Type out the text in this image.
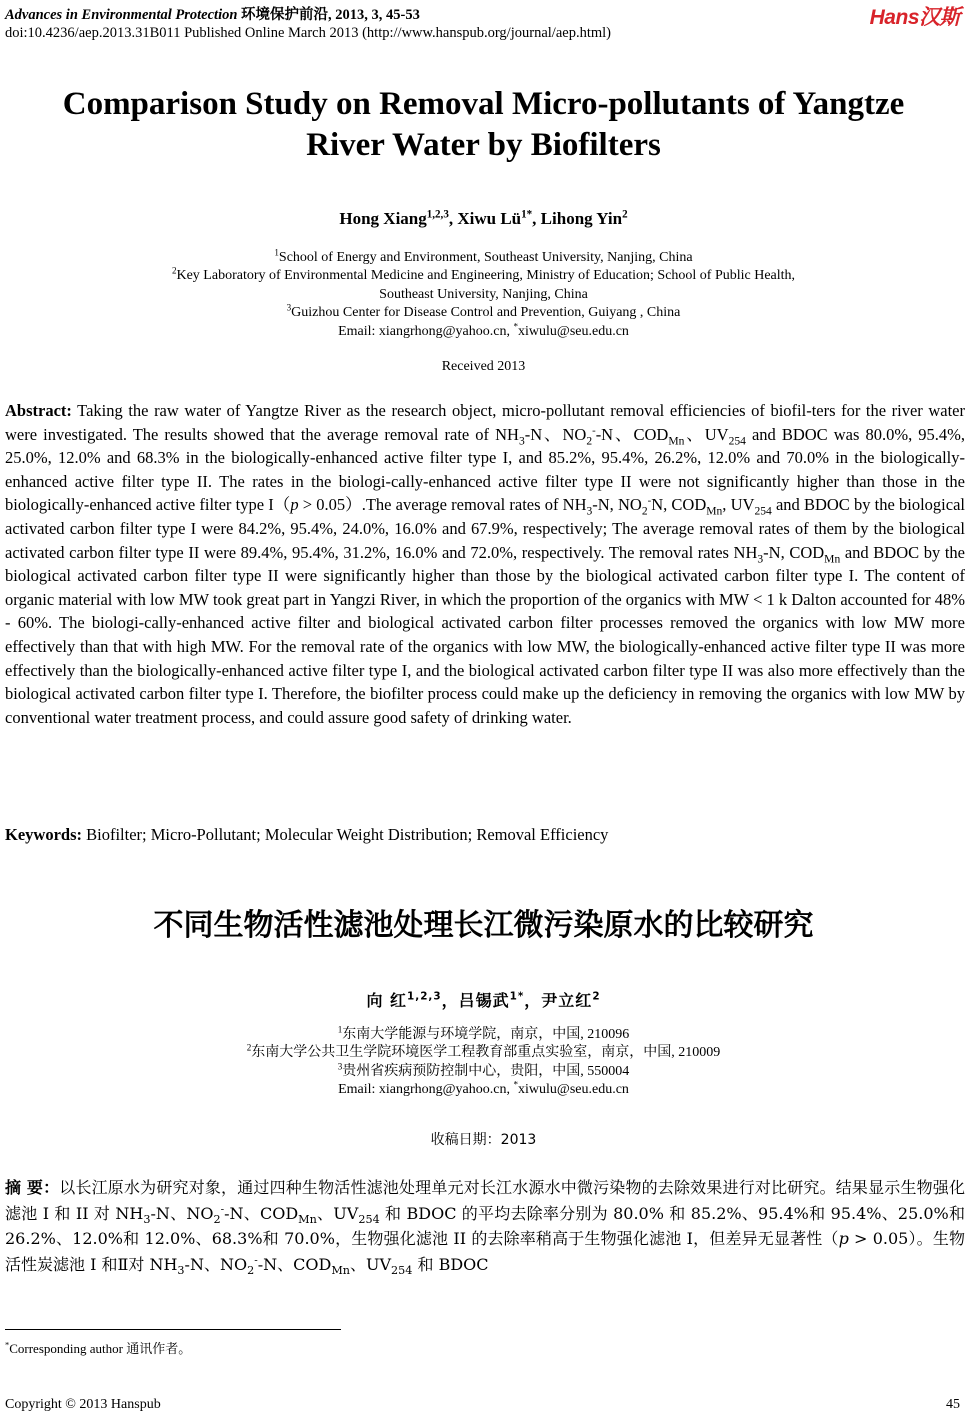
Advances in Environmental Protection 环境保护前沿, 2013, 3, 45-53
doi:10.4236/aep.2013.31B011 Published Online March 2013 (http://www.hanspub.org/journal/aep.html)
Hans汉斯
Comparison Study on Removal Micro-pollutants of Yangtze
River Water by Biofilters
Hong Xiang$^{1,2,3}$, Xiwu $Lü^{1*}$, Lihong Yin$^2$
$^1$School of Energy and Environment, Southeast University, Nanjing, China
$^2$Key Laboratory of Environmental Medicine and Engineering, Ministry of Education; School of Public Health,
Southeast University, Nanjing, China
$^3$Guizhou Center for Disease Control and Prevention, Guiyang , China
Email: xiangrhong@yahoo.cn, *xiwulu@seu.edu.cn
Received 2013
Abstract: Taking the raw water of Yangtze River as the research object, micro-pollutant removal efficiencies of biofil-ters for the river water were investigated. The results showed that the average removal rate of $NH_3-N$、$NO_2^--N$、$COD_{Mn}$、$UV_{254}$ and BDOC was 80.0%, 95.4%, 25.0%, 12.0% and 68.3% in the biologically-enhanced active filter type I, and 85.2%, 95.4%, 26.2%, 12.0% and 70.0% in the biologically-enhanced active filter type II. The rates in the biologi-cally-enhanced active filter type II were not significantly higher than those in the biologically-enhanced active filter type I（p > 0.05）.The average removal rates of $NH_3-N$, $NO_2^-N$, $COD_{Mn}$, $UV_{254}$ and BDOC by the biological activated carbon filter type I were 84.2%, 95.4%, 24.0%, 16.0% and 67.9%, respectively; The average removal rates of them by the biological activated carbon filter type II were 89.4%, 95.4%, 31.2%, 16.0% and 72.0%, respectively. The removal rates $NH_3-N$, $COD_{Mn}$ and BDOC by the biological activated carbon filter type II were significantly higher than those by the biological activated carbon filter type I. The content of organic material with low MW took great part in Yangzi River, in which the proportion of the organics with MW < 1 k Dalton accounted for 48% - 60%. The biologi-cally-enhanced active filter and biological activated carbon filter processes removed the organics with low MW more effectively than that with high MW. For the removal rate of the organics with low MW, the biologically-enhanced active filter type II was more effectively than the biologically-enhanced active filter type I, and the biological activated carbon filter type II was also more effectively than the biological activated carbon filter type I. Therefore, the biofilter process could make up the deficiency in removing the organics with low MW by conventional water treatment process, and could assure good safety of drinking water.
Keywords: Biofilter; Micro-Pollutant; Molecular Weight Distribution; Removal Efficiency
不同生物活性滤池处理长江微污染原水的比较研究
向 红$^{1,2,3}$，吕锡武$^{1*}$，尹立红$^2$
$^1$东南大学能源与环境学院，南京，中国, 210096
$^2$东南大学公共卫生学院环境医学工程教育部重点实验室，南京，中国, 210009
$^3$贵州省疾病预防控制中心，贵阳，中国, 550004
Email: xiangrhong@yahoo.cn, *xiwulu@seu.edu.cn
收稿日期：2013
摘 要：以长江原水为研究对象，通过四种生物活性滤池处理单元对长江水源水中微污染物的去除效果进行对比研究。结果显示生物强化滤池 I 和 II 对 $NH_3-N$、$NO_2^--N$、$COD_{Mn}$、$UV_{254}$ 和 BDOC 的平均去除率分别为 80.0% 和 85.2%、95.4%和 95.4%、25.0%和 26.2%、12.0%和 12.0%、68.3%和 70.0%，生物强化滤池 II 的去除率稍高于生物强化滤池 I，但差异无显著性（p > 0.05）。生物活性炭滤池 I 和Ⅱ对 $NH_3-N$、$NO_2^--N$、$COD_{Mn}$、$UV_{254}$ 和 BDOC
*Corresponding author 通讯作者。
Copyright © 2013 Hanspub	45
